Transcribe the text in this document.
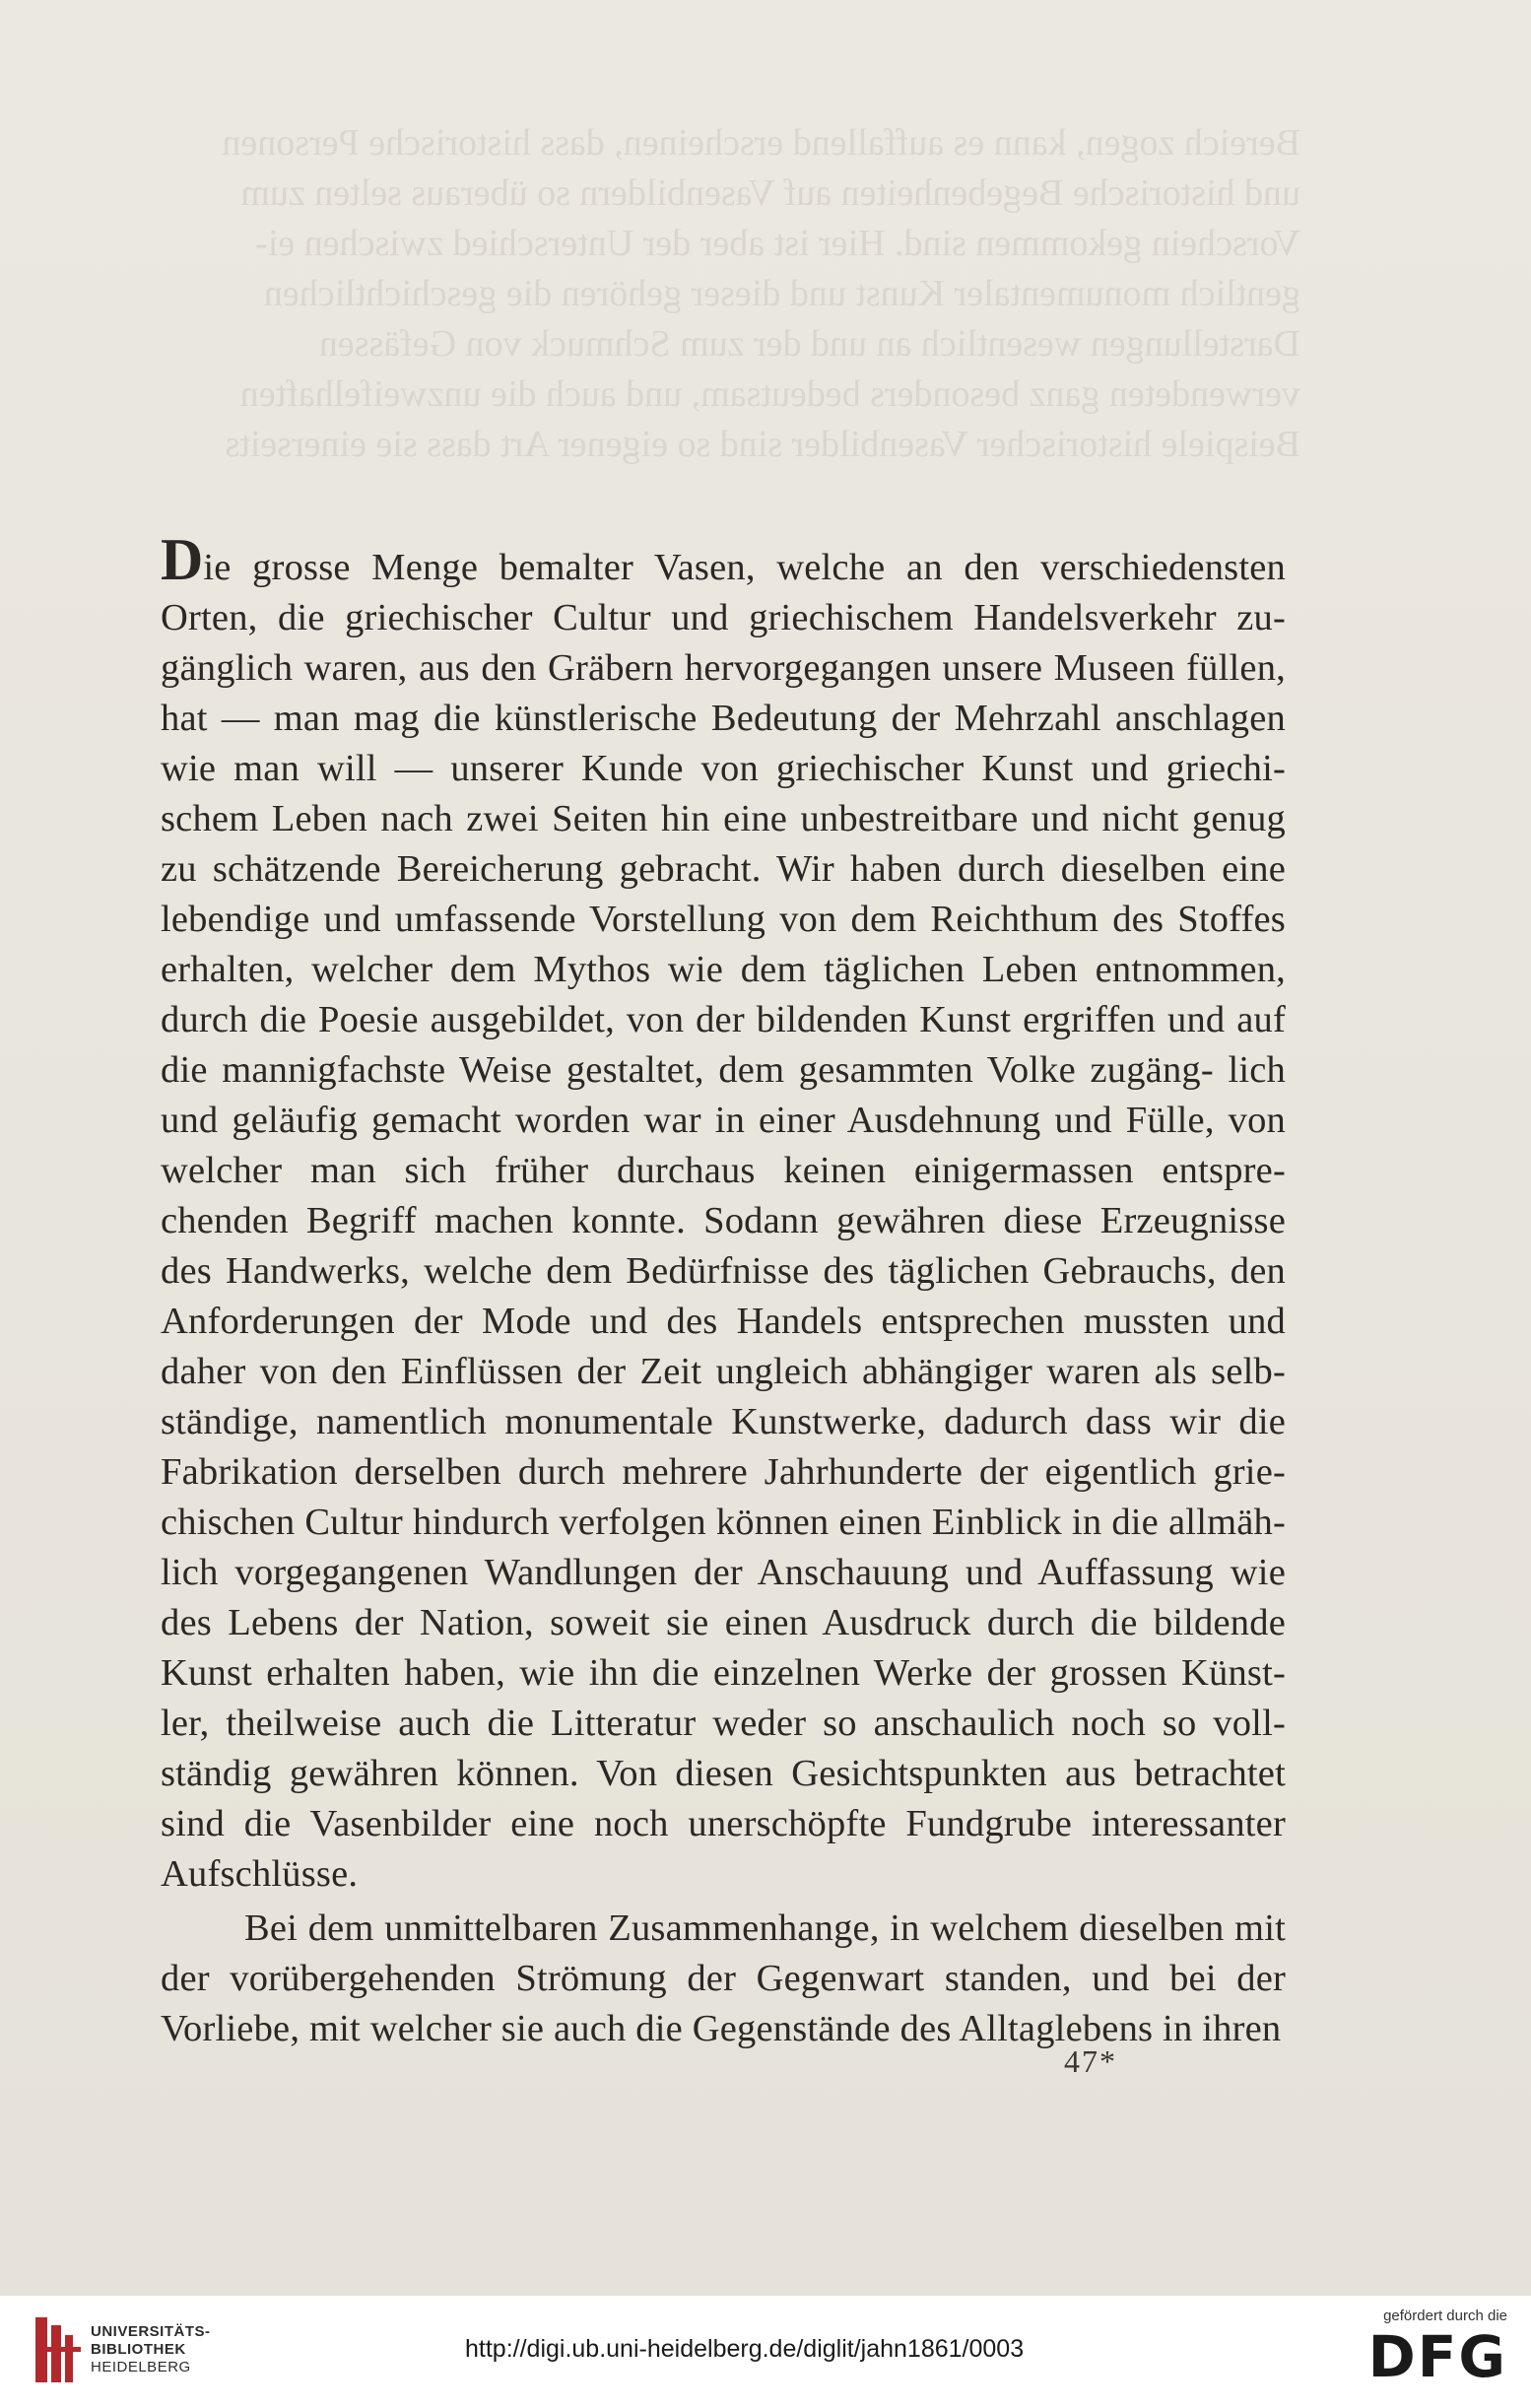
Bereich zogen, kann es auffallend erscheinen, dass historische Personen

und historische Begebenheiten auf Vasenbildern so überaus selten zum

Vorschein gekommen sind. Hier ist aber der Unterschied zwischen ei-

gentlich monumentaler Kunst und dieser gehören die geschichtlichen

Darstellungen wesentlich an und der zum Schmuck von Gefässen

verwendeten ganz besonders bedeutsam, und auch die unzweifelhaften

Beispiele historischer Vasenbilder sind so eigener Art dass sie einerseits

Die grosse Menge bemalter Vasen, welche an den verschiedensten Orten, die griechischer Cultur und griechischem Handelsverkehr zu- gänglich waren, aus den Gräbern hervorgegangen unsere Museen füllen, hat — man mag die künstlerische Bedeutung der Mehrzahl anschlagen wie man will — unserer Kunde von griechischer Kunst und griechi- schem Leben nach zwei Seiten hin eine unbestreitbare und nicht genug zu schätzende Bereicherung gebracht. Wir haben durch dieselben eine lebendige und umfassende Vorstellung von dem Reichthum des Stoffes erhalten, welcher dem Mythos wie dem täglichen Leben entnommen, durch die Poesie ausgebildet, von der bildenden Kunst ergriffen und auf die mannigfachste Weise gestaltet, dem gesammten Volke zugäng- lich und geläufig gemacht worden war in einer Ausdehnung und Fülle, von welcher man sich früher durchaus keinen einigermassen entspre- chenden Begriff machen konnte. Sodann gewähren diese Erzeugnisse des Handwerks, welche dem Bedürfnisse des täglichen Gebrauchs, den Anforderungen der Mode und des Handels entsprechen mussten und daher von den Einflüssen der Zeit ungleich abhängiger waren als selb- ständige, namentlich monumentale Kunstwerke, dadurch dass wir die Fabrikation derselben durch mehrere Jahrhunderte der eigentlich grie- chischen Cultur hindurch verfolgen können einen Einblick in die allmäh- lich vorgegangenen Wandlungen der Anschauung und Auffassung wie des Lebens der Nation, soweit sie einen Ausdruck durch die bildende Kunst erhalten haben, wie ihn die einzelnen Werke der grossen Künst- ler, theilweise auch die Litteratur weder so anschaulich noch so voll- ständig gewähren können. Von diesen Gesichtspunkten aus betrachtet sind die Vasenbilder eine noch unerschöpfte Fundgrube interessanter Aufschlüsse.

Bei dem unmittelbaren Zusammenhange, in welchem dieselben mit der vorübergehenden Strömung der Gegenwart standen, und bei der Vorliebe, mit welcher sie auch die Gegenstände des Alltaglebens in ihren

47*
UNIVERSITÄTS-
BIBLIOTHEK
HEIDELBERG
http://digi.ub.uni-heidelberg.de/diglit/jahn1861/0003
gefördert durch die
DFG
